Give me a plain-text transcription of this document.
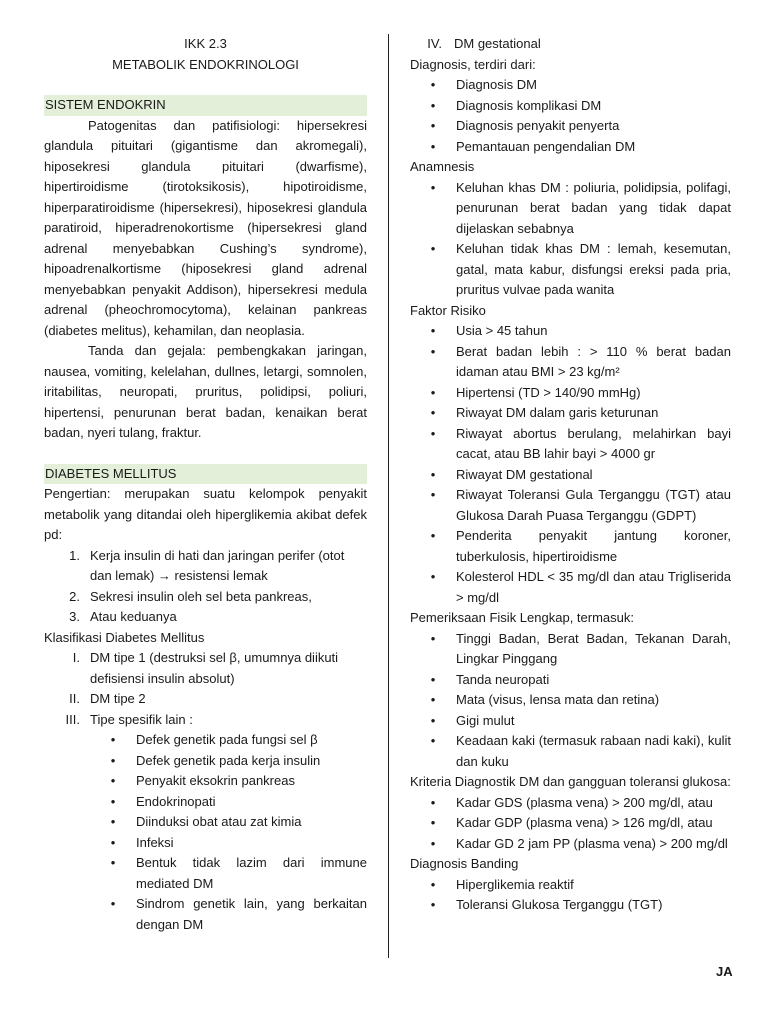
IKK 2.3
METABOLIK ENDOKRINOLOGI
SISTEM ENDOKRIN
Patogenitas dan patifisiologi: hipersekresi glandula pituitari (gigantisme dan akromegali), hiposekresi glandula pituitari (dwarfisme), hipertiroidisme (tirotoksikosis), hipotiroidisme, hiperparatiroidisme (hipersekresi), hiposekresi glandula paratiroid, hiperadrenokortisme (hipersekresi gland adrenal menyebabkan Cushing’s syndrome), hipoadrenalkortisme (hiposekresi gland adrenal menyebabkan penyakit Addison), hipersekresi medula adrenal (pheochromocytoma), kelainan pankreas (diabetes melitus), kehamilan, dan neoplasia.
Tanda dan gejala: pembengkakan jaringan, nausea, vomiting, kelelahan, dullnes, letargi, somnolen, iritabilitas, neuropati, pruritus, polidipsi, poliuri, hipertensi, penurunan berat badan, kenaikan berat badan, nyeri tulang, fraktur.
DIABETES MELLITUS
Pengertian: merupakan suatu kelompok penyakit metabolik yang ditandai oleh hiperglikemia akibat defek pd:
1. Kerja insulin di hati dan jaringan perifer (otot dan lemak) → resistensi lemak
2. Sekresi insulin oleh sel beta pankreas,
3. Atau keduanya
Klasifikasi Diabetes Mellitus
I. DM tipe 1 (destruksi sel β, umumnya diikuti defisiensi insulin absolut)
II. DM tipe 2
III. Tipe spesifik lain :
•	Defek genetik pada fungsi sel β
•	Defek genetik pada kerja insulin
•	Penyakit eksokrin pankreas
•	Endokrinopati
•	Diinduksi obat atau zat kimia
•	Infeksi
•	Bentuk tidak lazim dari immune mediated DM
•	Sindrom genetik lain, yang berkaitan dengan DM
IV. DM gestational
Diagnosis, terdiri dari:
•	Diagnosis DM
•	Diagnosis komplikasi DM
•	Diagnosis penyakit penyerta
•	Pemantauan pengendalian DM
Anamnesis
•	Keluhan khas DM : poliuria, polidipsia, polifagi, penurunan berat badan yang tidak dapat dijelaskan sebabnya
•	Keluhan tidak khas DM : lemah, kesemutan, gatal, mata kabur, disfungsi ereksi pada pria, pruritus vulvae pada wanita
Faktor Risiko
•	Usia > 45 tahun
•	Berat badan lebih : > 110 % berat badan idaman atau BMI > 23 kg/m²
•	Hipertensi (TD > 140/90 mmHg)
•	Riwayat DM dalam garis keturunan
•	Riwayat abortus berulang, melahirkan bayi cacat, atau BB lahir bayi > 4000 gr
•	Riwayat DM gestational
•	Riwayat Toleransi Gula Terganggu (TGT) atau Glukosa Darah Puasa Terganggu (GDPT)
•	Penderita penyakit jantung koroner, tuberkulosis, hipertiroidisme
•	Kolesterol HDL < 35 mg/dl dan atau Trigliserida > mg/dl
Pemeriksaan Fisik Lengkap, termasuk:
•	Tinggi Badan, Berat Badan, Tekanan Darah, Lingkar Pinggang
•	Tanda neuropati
•	Mata (visus, lensa mata dan retina)
•	Gigi mulut
•	Keadaan kaki (termasuk rabaan nadi kaki), kulit dan kuku
Kriteria Diagnostik DM dan gangguan toleransi glukosa:
•	Kadar GDS (plasma vena) > 200 mg/dl, atau
•	Kadar GDP (plasma vena) > 126 mg/dl, atau
•	Kadar GD 2 jam PP (plasma vena) > 200 mg/dl
Diagnosis Banding
•	Hiperglikemia reaktif
•	Toleransi Glukosa Terganggu (TGT)
JA
